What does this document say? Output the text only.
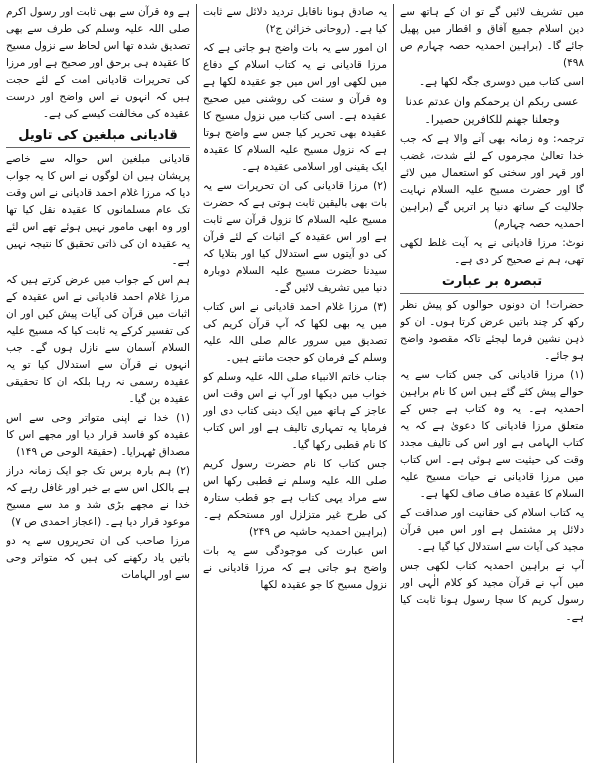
میں تشریف لائیں گے تو ان کے ہاتھ سے دین اسلام جمیع آفاق و اقطار میں پھیل جائے گا۔ (براہین احمدیہ حصہ چہارم ص ۴۹۸)

اسی کتاب میں دوسری جگہ لکھا ہے۔

عسی ربکم ان یرحمکم وان عدتم عدنا وجعلنا جھنم للکافرین حصیرا۔

ترجمہ: وہ زمانہ بھی آنے والا ہے کہ جب خدا تعالیٰ مجرموں کے لئے شدت، غضب اور قہر اور سختی کو استعمال میں لائے گا اور حضرت مسیح علیہ السلام نہایت جلالیت کے ساتھ دنیا پر اتریں گے (براہین احمدیہ حصہ چہارم)

نوٹ: مرزا قادیانی نے یہ آیت غلط لکھی تھی، ہم نے صحیح کر دی ہے۔

تبصرہ بر عبارت

حضرات! ان دونوں حوالوں کو پیش نظر رکھ کر چند باتیں عرض کرتا ہوں۔ ان کو ذہن نشین فرما لیجئے تاکہ مقصود واضح ہو جائے۔

(۱) مرزا قادیانی کی جس کتاب سے یہ حوالے پیش کئے گئے ہیں اس کا نام براہین احمدیہ ہے۔ یہ وہ کتاب ہے جس کے متعلق مرزا قادیانی کا دعویٰ ہے کہ یہ کتاب الہامی ہے اور اس کی تالیف مجدد وقت کی حیثیت سے ہوئی ہے۔ اس کتاب میں مرزا قادیانی نے حیات مسیح علیہ السلام کا عقیدہ صاف صاف لکھا ہے۔

یہ کتاب اسلام کی حقانیت اور صداقت کے دلائل پر مشتمل ہے اور اس میں قرآن مجید کی آیات سے استدلال کیا گیا ہے۔

آپ نے براہین احمدیہ کتاب لکھی جس میں آپ نے قرآن مجید کو کلام الٰہی اور رسول کریم کا سچا رسول ہونا ثابت کیا ہے۔

یہ صادق ہونا ناقابل تردید دلائل سے ثابت کیا ہے۔ (روحانی خزائن ج۲)

ان امور سے یہ بات واضح ہو جاتی ہے کہ مرزا قادیانی نے یہ کتاب اسلام کے دفاع میں لکھی اور اس میں جو عقیدہ لکھا ہے وہ قرآن و سنت کی روشنی میں صحیح عقیدہ ہے۔ اسی کتاب میں نزول مسیح کا عقیدہ بھی تحریر کیا جس سے واضح ہوتا ہے کہ نزول مسیح علیہ السلام کا عقیدہ ایک یقینی اور اسلامی عقیدہ ہے۔

(۲) مرزا قادیانی کی ان تحریرات سے یہ بات بھی بالیقین ثابت ہوتی ہے کہ حضرت مسیح علیہ السلام کا نزول قرآن سے ثابت ہے اور اس عقیدہ کے اثبات کے لئے قرآن کی دو آیتوں سے استدلال کیا اور بتلایا کہ سیدنا حضرت مسیح علیہ السلام دوبارہ دنیا میں تشریف لائیں گے۔

(۳) مرزا غلام احمد قادیانی نے اس کتاب میں یہ بھی لکھا کہ آپ قرآن کریم کی تصدیق میں سرور عالم صلی اللہ علیہ وسلم کے فرمان کو حجت مانتے ہیں۔

جناب خاتم الانبیاء صلی اللہ علیہ وسلم کو خواب میں دیکھا اور آپ نے اس وقت اس عاجز کے ہاتھ میں ایک دینی کتاب دی اور فرمایا یہ تمہاری تالیف ہے اور اس کتاب کا نام قطبی رکھا گیا۔

جس کتاب کا نام حضرت رسول کریم صلی اللہ علیہ وسلم نے قطبی رکھا اس سے مراد یہی کتاب ہے جو قطب ستارہ کی طرح غیر متزلزل اور مستحکم ہے۔ (براہین احمدیہ حاشیہ ص ۲۴۹)

اس عبارت کی موجودگی سے یہ بات واضح ہو جاتی ہے کہ مرزا قادیانی نے نزول مسیح کا جو عقیدہ لکھا

ہے وہ قرآن سے بھی ثابت اور رسول اکرم صلی اللہ علیہ وسلم کی طرف سے بھی تصدیق شدہ تھا اس لحاظ سے نزول مسیح کا عقیدہ ہی برحق اور صحیح ہے اور مرزا کی تحریرات قادیانی امت کے لئے حجت ہیں کہ انہوں نے اس واضح اور درست عقیدہ کی مخالفت کیسے کی ہے۔

قادیانی مبلغین کی تاویل

قادیانی مبلغین اس حوالہ سے خاصے پریشان ہیں ان لوگوں نے اس کا یہ جواب دیا کہ مرزا غلام احمد قادیانی نے اس وقت تک عام مسلمانوں کا عقیدہ نقل کیا تھا اور وہ ابھی مامور نہیں ہوئے تھے اس لئے یہ عقیدہ ان کی ذاتی تحقیق کا نتیجہ نہیں ہے۔

ہم اس کے جواب میں عرض کرتے ہیں کہ مرزا غلام احمد قادیانی نے اس عقیدہ کے اثبات میں قرآن کی آیات پیش کیں اور ان کی تفسیر کرکے یہ ثابت کیا کہ مسیح علیہ السلام آسمان سے نازل ہوں گے۔ جب انہوں نے قرآن سے استدلال کیا تو یہ عقیدہ رسمی نہ رہا بلکہ ان کا تحقیقی عقیدہ بن گیا۔

(۱) خدا نے اپنی متواتر وحی سے اس عقیدہ کو فاسد قرار دیا اور مجھے اس کا مصداق ٹھہرایا۔ (حقیقۃ الوحی ص ۱۴۹)

(۲) ہم بارہ برس تک جو ایک زمانہ دراز ہے بالکل اس سے بے خبر اور غافل رہے کہ خدا نے مجھے بڑی شد و مد سے مسیح موعود قرار دیا ہے۔ (اعجاز احمدی ص ۷)

مرزا صاحب کی ان تحریروں سے یہ دو باتیں یاد رکھنے کی ہیں کہ متواتر وحی سے اور الہامات
